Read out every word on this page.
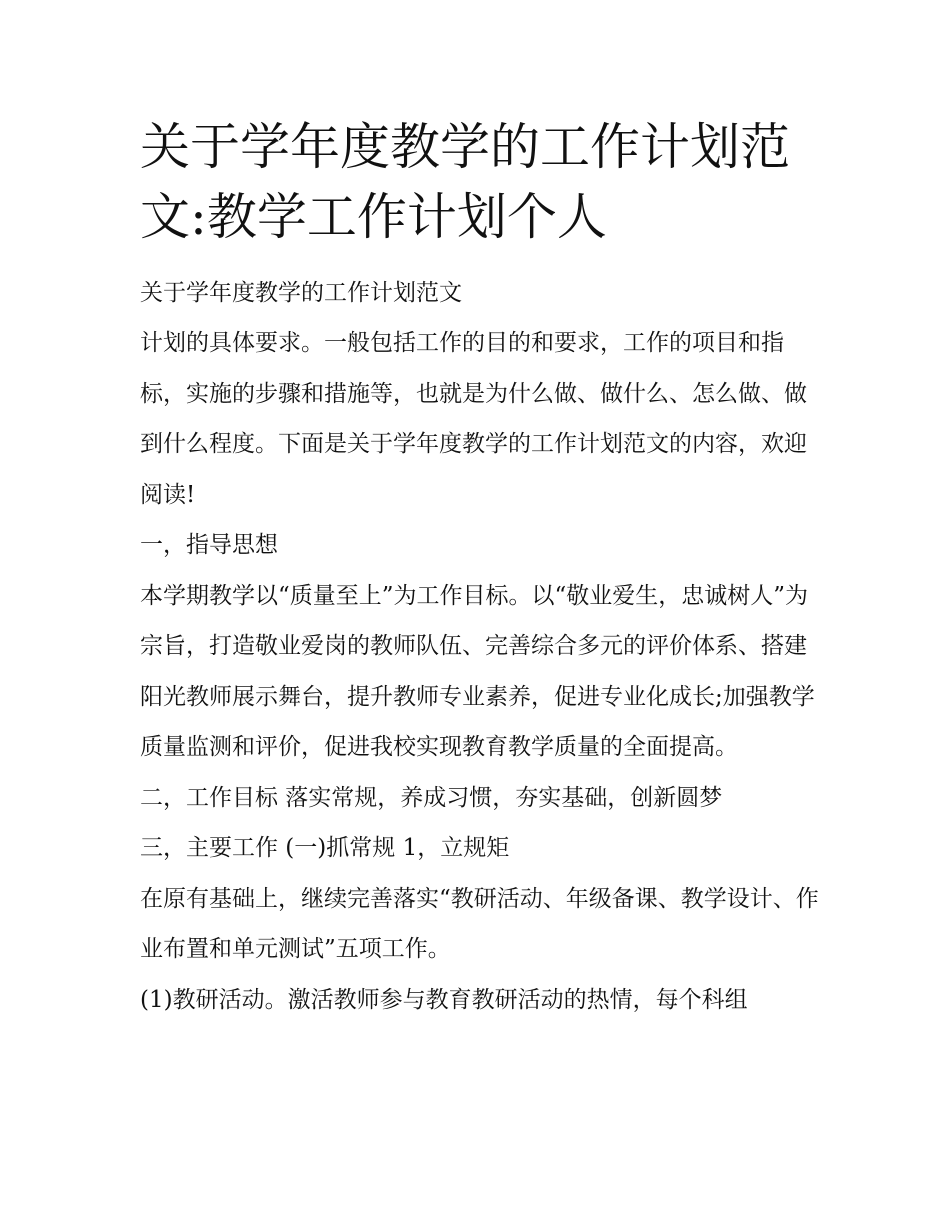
关于学年度教学的工作计划范文:教学工作计划个人

关于学年度教学的工作计划范文

计划的具体要求。一般包括工作的目的和要求，工作的项目和指标，实施的步骤和措施等，也就是为什么做、做什么、怎么做、做到什么程度。下面是关于学年度教学的工作计划范文的内容，欢迎阅读!

一，指导思想

本学期教学以“质量至上”为工作目标。以“敬业爱生，忠诚树人”为宗旨，打造敬业爱岗的教师队伍、完善综合多元的评价体系、搭建阳光教师展示舞台，提升教师专业素养，促进专业化成长;加强教学质量监测和评价，促进我校实现教育教学质量的全面提高。

二，工作目标 落实常规，养成习惯，夯实基础，创新圆梦

三，主要工作 (一)抓常规 1，立规矩

在原有基础上，继续完善落实“教研活动、年级备课、教学设计、作业布置和单元测试”五项工作。

(1)教研活动。激活教师参与教育教研活动的热情，每个科组
